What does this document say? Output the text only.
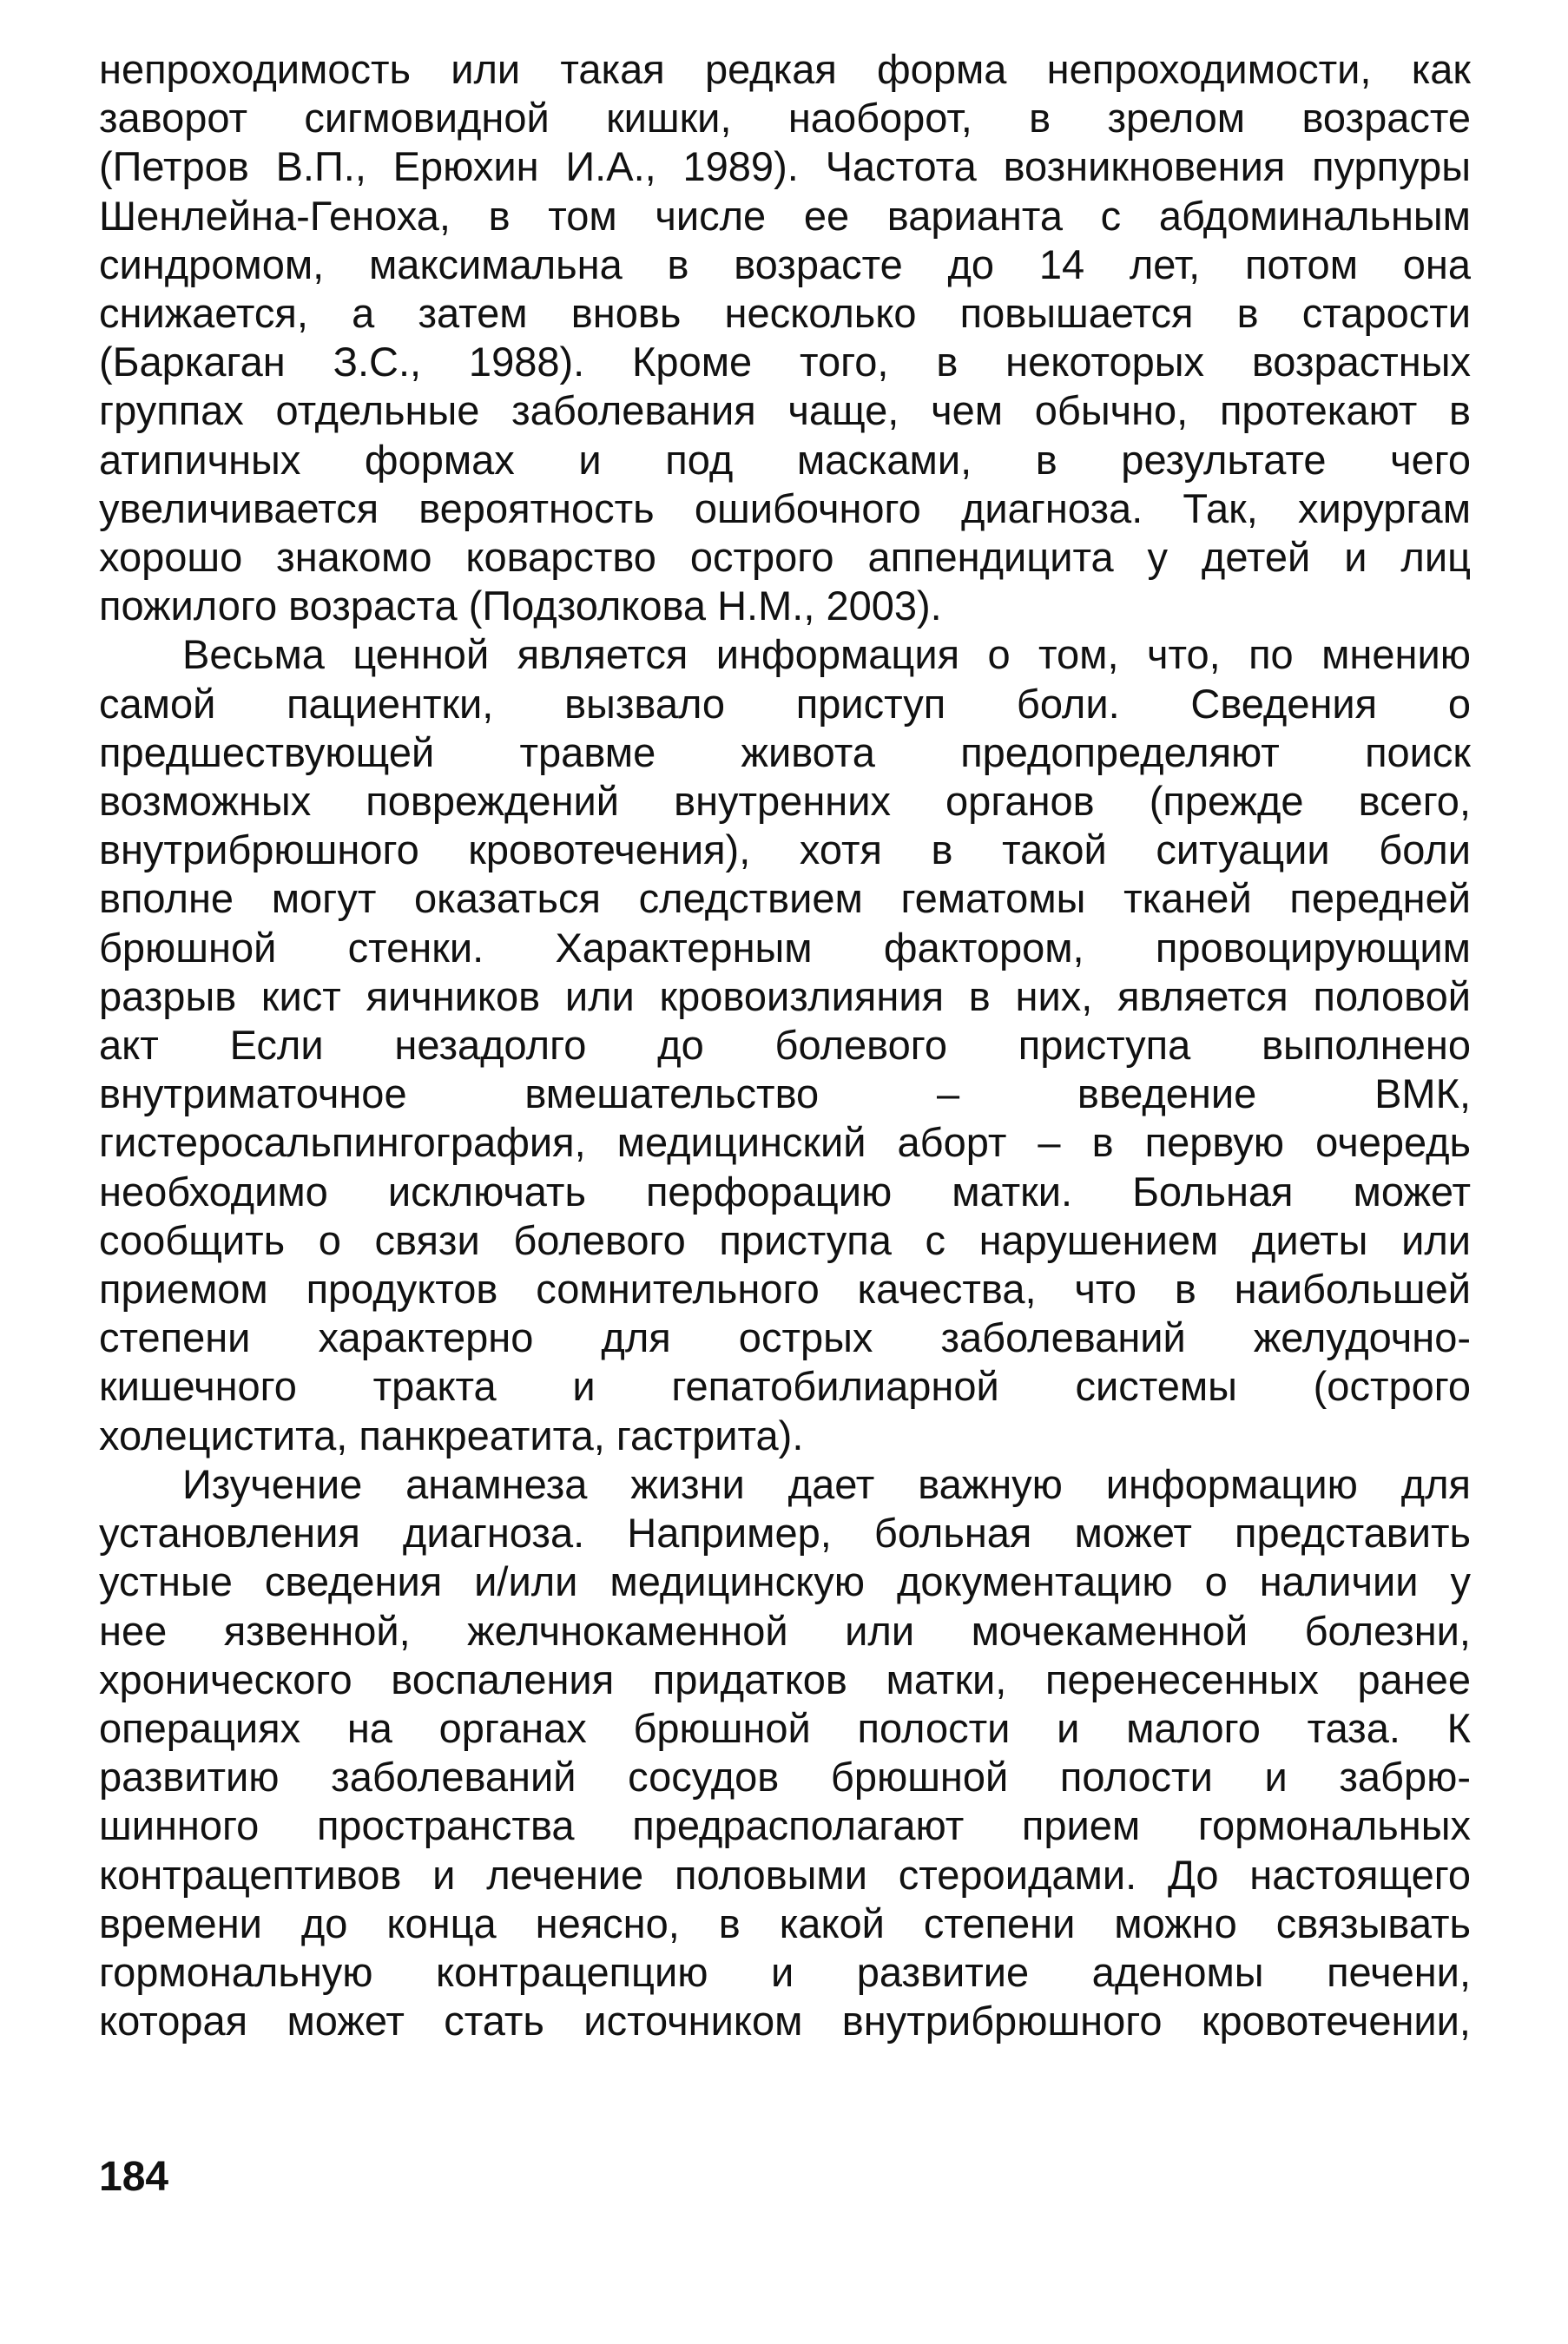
непроходимость или такая редкая форма непроходимости, как
заворот сигмовидной кишки, наоборот, в зрелом возрасте
(Петров В.П., Ерюхин И.А., 1989). Частота возникновения пурпуры
Шенлейна-Геноха, в том числе ее варианта с абдоминальным
синдромом, максимальна в возрасте до 14 лет, потом она
снижается, а затем вновь несколько повышается в старости
(Баркаган З.С., 1988). Кроме того, в некоторых возрастных
группах отдельные заболевания чаще, чем обычно, протекают в
атипичных формах и под масками, в результате чего
увеличивается вероятность ошибочного диагноза. Так, хирургам
хорошо знакомо коварство острого аппендицита у детей и лиц
пожилого возраста (Подзолкова Н.М., 2003).

Весьма ценной является информация о том, что, по мнению
самой пациентки, вызвало приступ боли. Сведения о
предшествующей травме живота предопределяют поиск
возможных повреждений внутренних органов (прежде всего,
внутрибрюшного кровотечения), хотя в такой ситуации боли
вполне могут оказаться следствием гематомы тканей передней
брюшной стенки. Характерным фактором, провоцирующим
разрыв кист яичников или кровоизлияния в них, является половой
акт Если незадолго до болевого приступа выполнено
внутриматочное вмешательство – введение ВМК,
гистеросальпингография, медицинский аборт – в первую очередь
необходимо исключать перфорацию матки. Больная может
сообщить о связи болевого приступа с нарушением диеты или
приемом продуктов сомнительного качества, что в наибольшей
степени характерно для острых заболеваний желудочно-
кишечного тракта и гепатобилиарной системы (острого
холецистита, панкреатита, гастрита).

Изучение анамнеза жизни дает важную информацию для
установления диагноза. Например, больная может представить
устные сведения и/или медицинскую документацию о наличии у
нее язвенной, желчнокаменной или мочекаменной болезни,
хронического воспаления придатков матки, перенесенных ранее
операциях на органах брюшной полости и малого таза. К
развитию заболеваний сосудов брюшной полости и забрю-
шинного пространства предрасполагают прием гормональных
контрацептивов и лечение половыми стероидами. До настоящего
времени до конца неясно, в какой степени можно связывать
гормональную контрацепцию и развитие аденомы печени,
которая может стать источником внутрибрюшного кровотечении,

184
